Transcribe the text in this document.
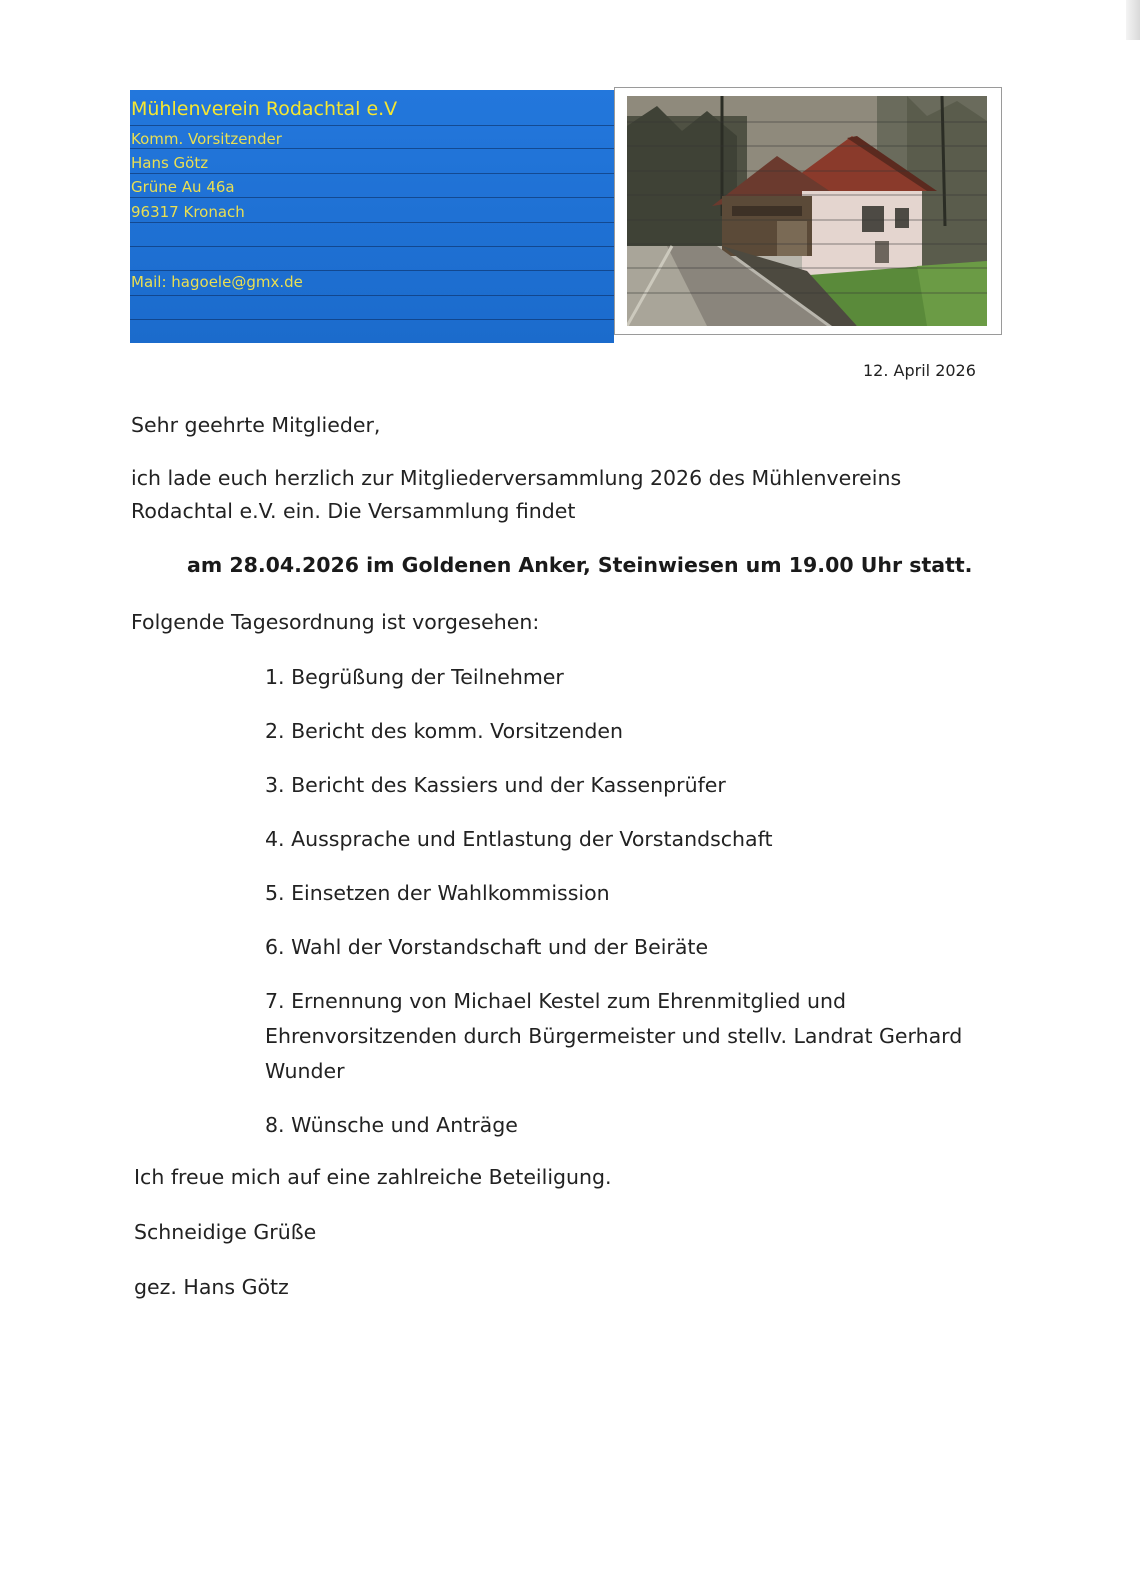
Mühlenverein Rodachtal e.V
Komm. Vorsitzender
Hans Götz
Grüne Au 46a
96317 Kronach
Mail: hagoele@gmx.de
12. April 2026
Sehr geehrte Mitglieder,
ich lade euch herzlich zur Mitgliederversammlung 2026 des Mühlenvereins Rodachtal e.V. ein. Die Versammlung findet
am 28.04.2026 im Goldenen Anker, Steinwiesen um 19.00 Uhr statt.
Folgende Tagesordnung ist vorgesehen:
1. Begrüßung der Teilnehmer
2. Bericht des komm. Vorsitzenden
3. Bericht des Kassiers und der Kassenprüfer
4. Aussprache und Entlastung der Vorstandschaft
5. Einsetzen der Wahlkommission
6. Wahl der Vorstandschaft und der Beiräte
7. Ernennung von Michael Kestel zum Ehrenmitglied und Ehrenvorsitzenden durch Bürgermeister und stellv. Landrat Gerhard Wunder
8. Wünsche und Anträge
Ich freue mich auf eine zahlreiche Beteiligung.
Schneidige Grüße
gez. Hans Götz
